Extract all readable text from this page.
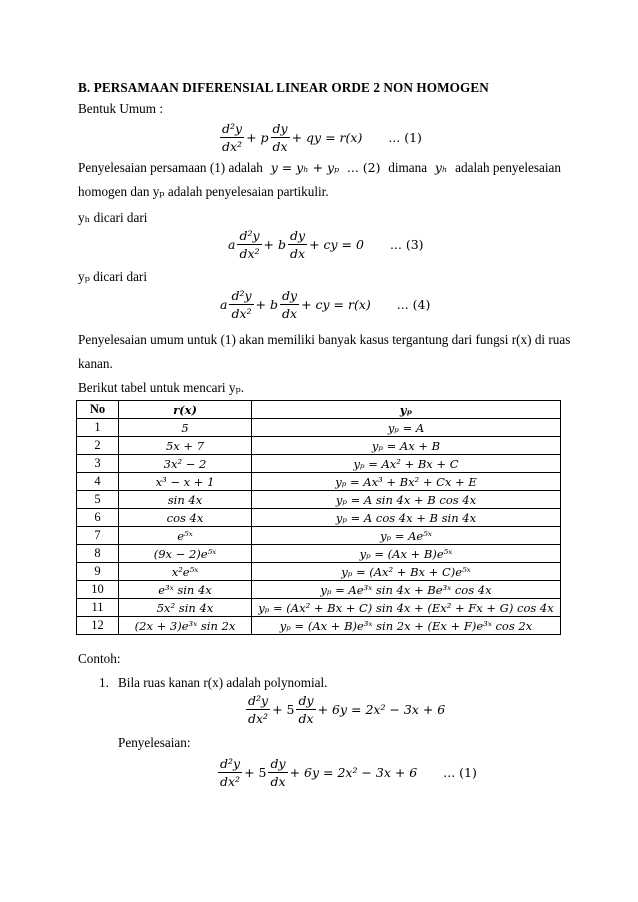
B. PERSAMAAN DIFERENSIAL LINEAR ORDE 2 NON HOMOGEN
Bentuk Umum :
$\frac{\text{d²y}}{\text{dx²}} + p \frac{dy}{dx}$ + qy = r(x) ... (1)
Penyelesaian persamaan (1) adalah y = yₕ + yₚ ... (2) dimana yₕ adalah penyelesaian
homogen dan yₚ adalah penyelesaian partikulir.
yₕ dicari dari
a $\frac{\text{d²y}}{\text{dx²}} + b \frac{dy}{dx}$ + cy = 0 ... (3)
yₚ dicari dari
a $\frac{\text{d²y}}{\text{dx²}} + b \frac{dy}{dx}$ + cy = r(x) ... (4)
Penyelesaian umum untuk (1) akan memiliki banyak kasus tergantung dari fungsi r(x) di ruas
kanan.
Berikut tabel untuk mencari yₚ.
No	r(x)	yₚ
1	5	yₚ = A
2	5x + 7	yₚ = Ax + B
3	3x² − 2	yₚ = Ax² + Bx + C
4	x³ − x + 1	yₚ = Ax³ + Bx² + Cx + E
5	sin 4x	yₚ = A sin 4x + B cos 4x
6	cos 4x	yₚ = A cos 4x + B sin 4x
7	e⁵ˣ	yₚ = Ae⁵ˣ
8	(9x − 2)e⁵ˣ	yₚ = (Ax + B)e⁵ˣ
9	x²e⁵ˣ	yₚ = (Ax² + Bx + C)e⁵ˣ
10	e³ˣ sin 4x	yₚ = Ae³ˣ sin 4x + Be³ˣ cos 4x
11	5x² sin 4x	yₚ = (Ax² + Bx + C) sin 4x + (Ex² + Fx + G) cos 4x
12	(2x + 3)e³ˣ sin 2x	yₚ = (Ax + B)e³ˣ sin 2x + (Ex + F)e³ˣ cos 2x
Contoh:
1. Bila ruas kanan r(x) adalah polynomial.
$\frac{\text{d²y}}{\text{dx²}} + 5 \frac{dy}{dx} + 6y = 2x^2 - 3x + 6$
Penyelesaian:
$\frac{\text{d²y}}{\text{dx²}} + 5 \frac{dy}{dx} + 6y = 2x^2 - 3x + 6$ ... (1)
